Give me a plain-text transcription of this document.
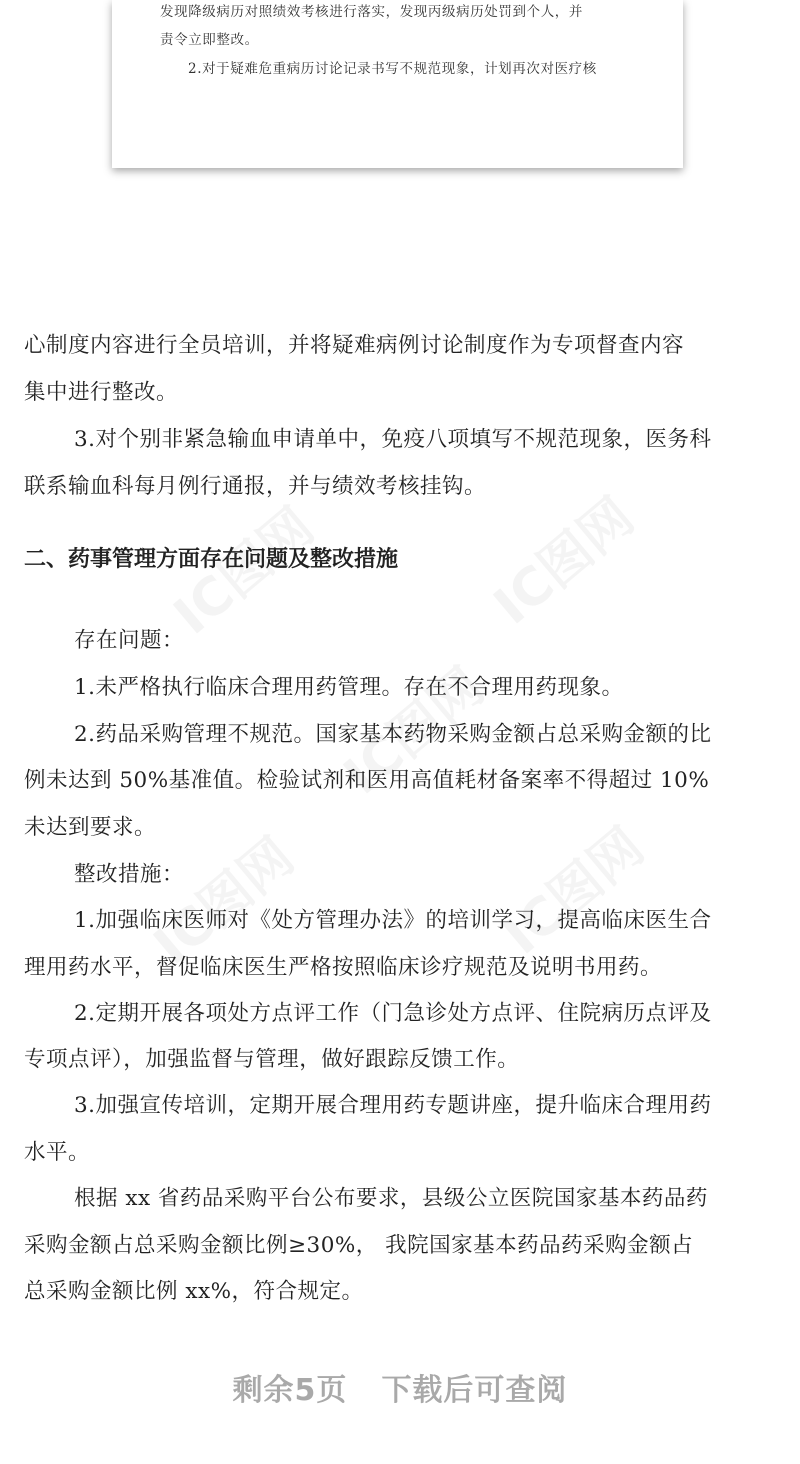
发现降级病历对照绩效考核进行落实，发现丙级病历处罚到个人，并
责令立即整改。
2.对于疑难危重病历讨论记录书写不规范现象，计划再次对医疗核
心制度内容进行全员培训，并将疑难病例讨论制度作为专项督查内容
集中进行整改。
3.对个别非紧急输血申请单中，免疫八项填写不规范现象，医务科
联系输血科每月例行通报，并与绩效考核挂钩。
二、药事管理方面存在问题及整改措施
存在问题：
1.未严格执行临床合理用药管理。存在不合理用药现象。
2.药品采购管理不规范。国家基本药物采购金额占总采购金额的比
例未达到 50%基准值。检验试剂和医用高值耗材备案率不得超过 10%
未达到要求。
整改措施：
1.加强临床医师对《处方管理办法》的培训学习，提高临床医生合
理用药水平，督促临床医生严格按照临床诊疗规范及说明书用药。
2.定期开展各项处方点评工作（门急诊处方点评、住院病历点评及
专项点评），加强监督与管理，做好跟踪反馈工作。
3.加强宣传培训，定期开展合理用药专题讲座，提升临床合理用药
水平。
根据 xx 省药品采购平台公布要求，县级公立医院国家基本药品药
采购金额占总采购金额比例≥30%， 我院国家基本药品药采购金额占
总采购金额比例 xx%，符合规定。
剩余5页 下载后可查阅
